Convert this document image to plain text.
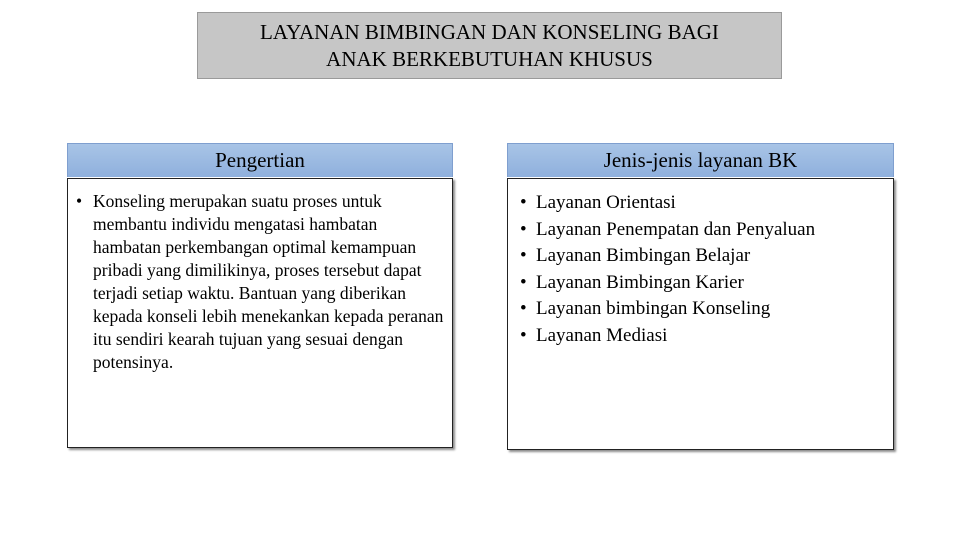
LAYANAN BIMBINGAN DAN KONSELING BAGI
ANAK BERKEBUTUHAN KHUSUS
Pengertian
• Konseling merupakan suatu proses untuk membantu individu mengatasi hambatan hambatan perkembangan optimal kemampuan pribadi yang dimilikinya, proses tersebut dapat terjadi setiap waktu. Bantuan yang diberikan kepada konseli lebih menekankan kepada peranan itu sendiri kearah tujuan yang sesuai dengan potensinya.
Jenis-jenis layanan BK
• Layanan Orientasi
• Layanan Penempatan dan Penyaluan
• Layanan Bimbingan Belajar
• Layanan Bimbingan Karier
• Layanan bimbingan Konseling
• Layanan Mediasi
